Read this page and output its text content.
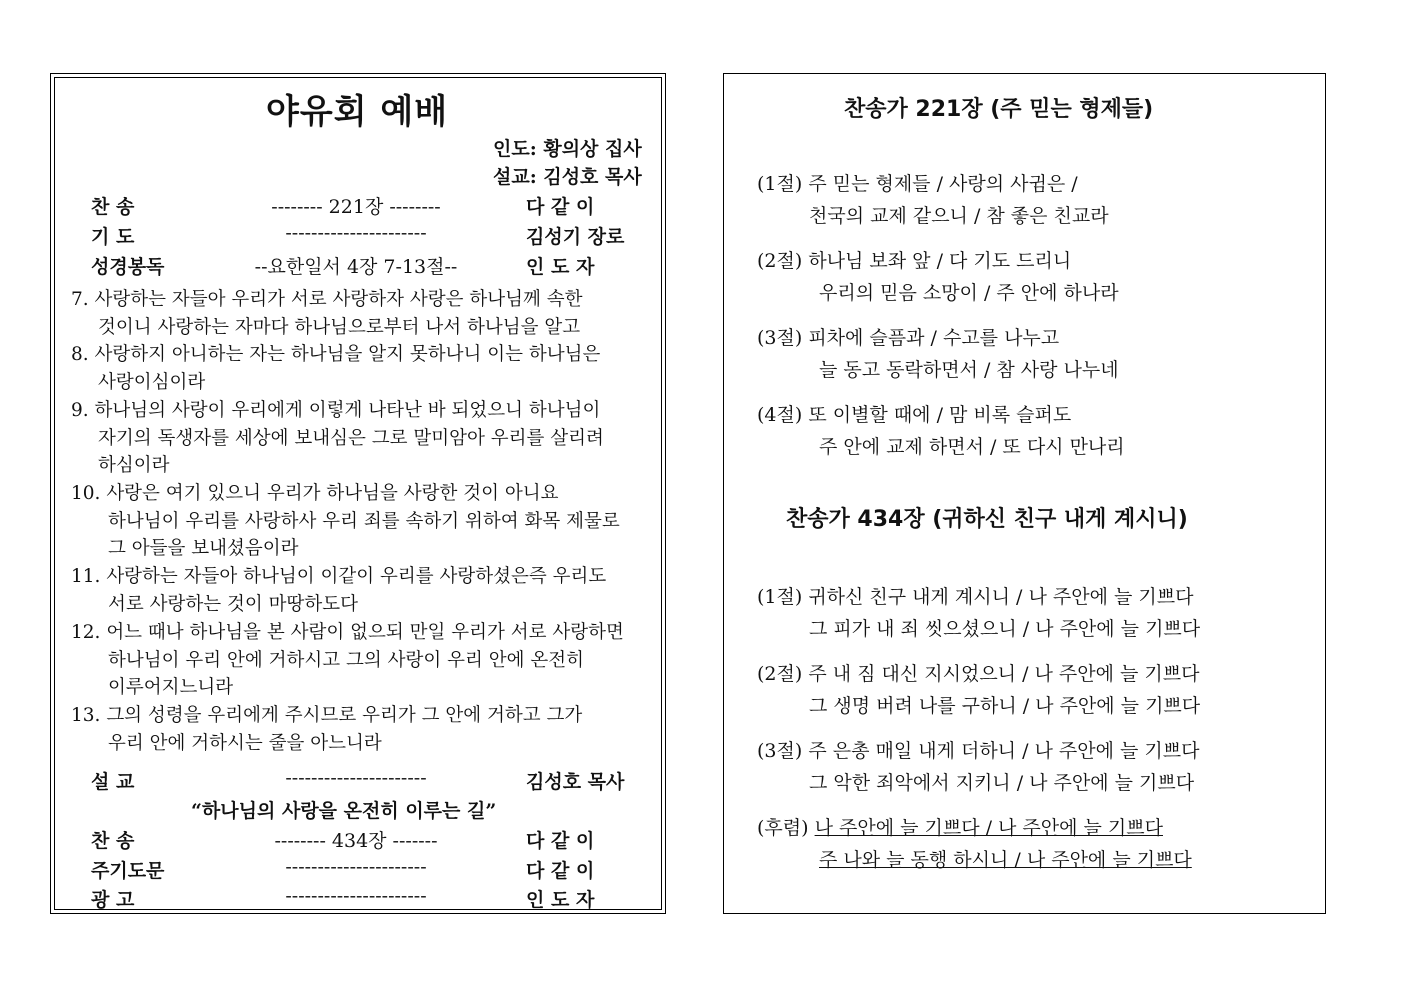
야유회 예배
인도: 황의상 집사
설교: 김성호 목사
찬 송	-------- 221장 --------	다 같 이
기 도	----------------------	김성기 장로
성경봉독	--요한일서 4장 7-13절--	인 도 자
7. 사랑하는 자들아 우리가 서로 사랑하자 사랑은 하나님께 속한
것이니 사랑하는 자마다 하나님으로부터 나서 하나님을 알고
8. 사랑하지 아니하는 자는 하나님을 알지 못하나니 이는 하나님은
사랑이심이라
9. 하나님의 사랑이 우리에게 이렇게 나타난 바 되었으니 하나님이
자기의 독생자를 세상에 보내심은 그로 말미암아 우리를 살리려
하심이라
10. 사랑은 여기 있으니 우리가 하나님을 사랑한 것이 아니요
하나님이 우리를 사랑하사 우리 죄를 속하기 위하여 화목 제물로
그 아들을 보내셨음이라
11. 사랑하는 자들아 하나님이 이같이 우리를 사랑하셨은즉 우리도
서로 사랑하는 것이 마땅하도다
12. 어느 때나 하나님을 본 사람이 없으되 만일 우리가 서로 사랑하면
하나님이 우리 안에 거하시고 그의 사랑이 우리 안에 온전히
이루어지느니라
13. 그의 성령을 우리에게 주시므로 우리가 그 안에 거하고 그가
우리 안에 거하시는 줄을 아느니라
설 교	----------------------	김성호 목사
“하나님의 사랑을 온전히 이루는 길”
찬 송	-------- 434장 -------	다 같 이
주기도문	----------------------	다 같 이
광 고	----------------------	인 도 자
찬송가 221장 (주 믿는 형제들)
(1절) 주 믿는 형제들 / 사랑의 사귐은 /
천국의 교제 같으니 / 참 좋은 친교라
(2절) 하나님 보좌 앞 / 다 기도 드리니
우리의 믿음 소망이 / 주 안에 하나라
(3절) 피차에 슬픔과 / 수고를 나누고
늘 동고 동락하면서 / 참 사랑 나누네
(4절) 또 이별할 때에 / 맘 비록 슬퍼도
주 안에 교제 하면서 / 또 다시 만나리
찬송가 434장 (귀하신 친구 내게 계시니)
(1절) 귀하신 친구 내게 계시니 / 나 주안에 늘 기쁘다
그 피가 내 죄 씻으셨으니 / 나 주안에 늘 기쁘다
(2절) 주 내 짐 대신 지시었으니 / 나 주안에 늘 기쁘다
그 생명 버려 나를 구하니 / 나 주안에 늘 기쁘다
(3절) 주 은총 매일 내게 더하니 / 나 주안에 늘 기쁘다
그 악한 죄악에서 지키니 / 나 주안에 늘 기쁘다
(후렴) 나 주안에 늘 기쁘다 / 나 주안에 늘 기쁘다
주 나와 늘 동행 하시니 / 나 주안에 늘 기쁘다
